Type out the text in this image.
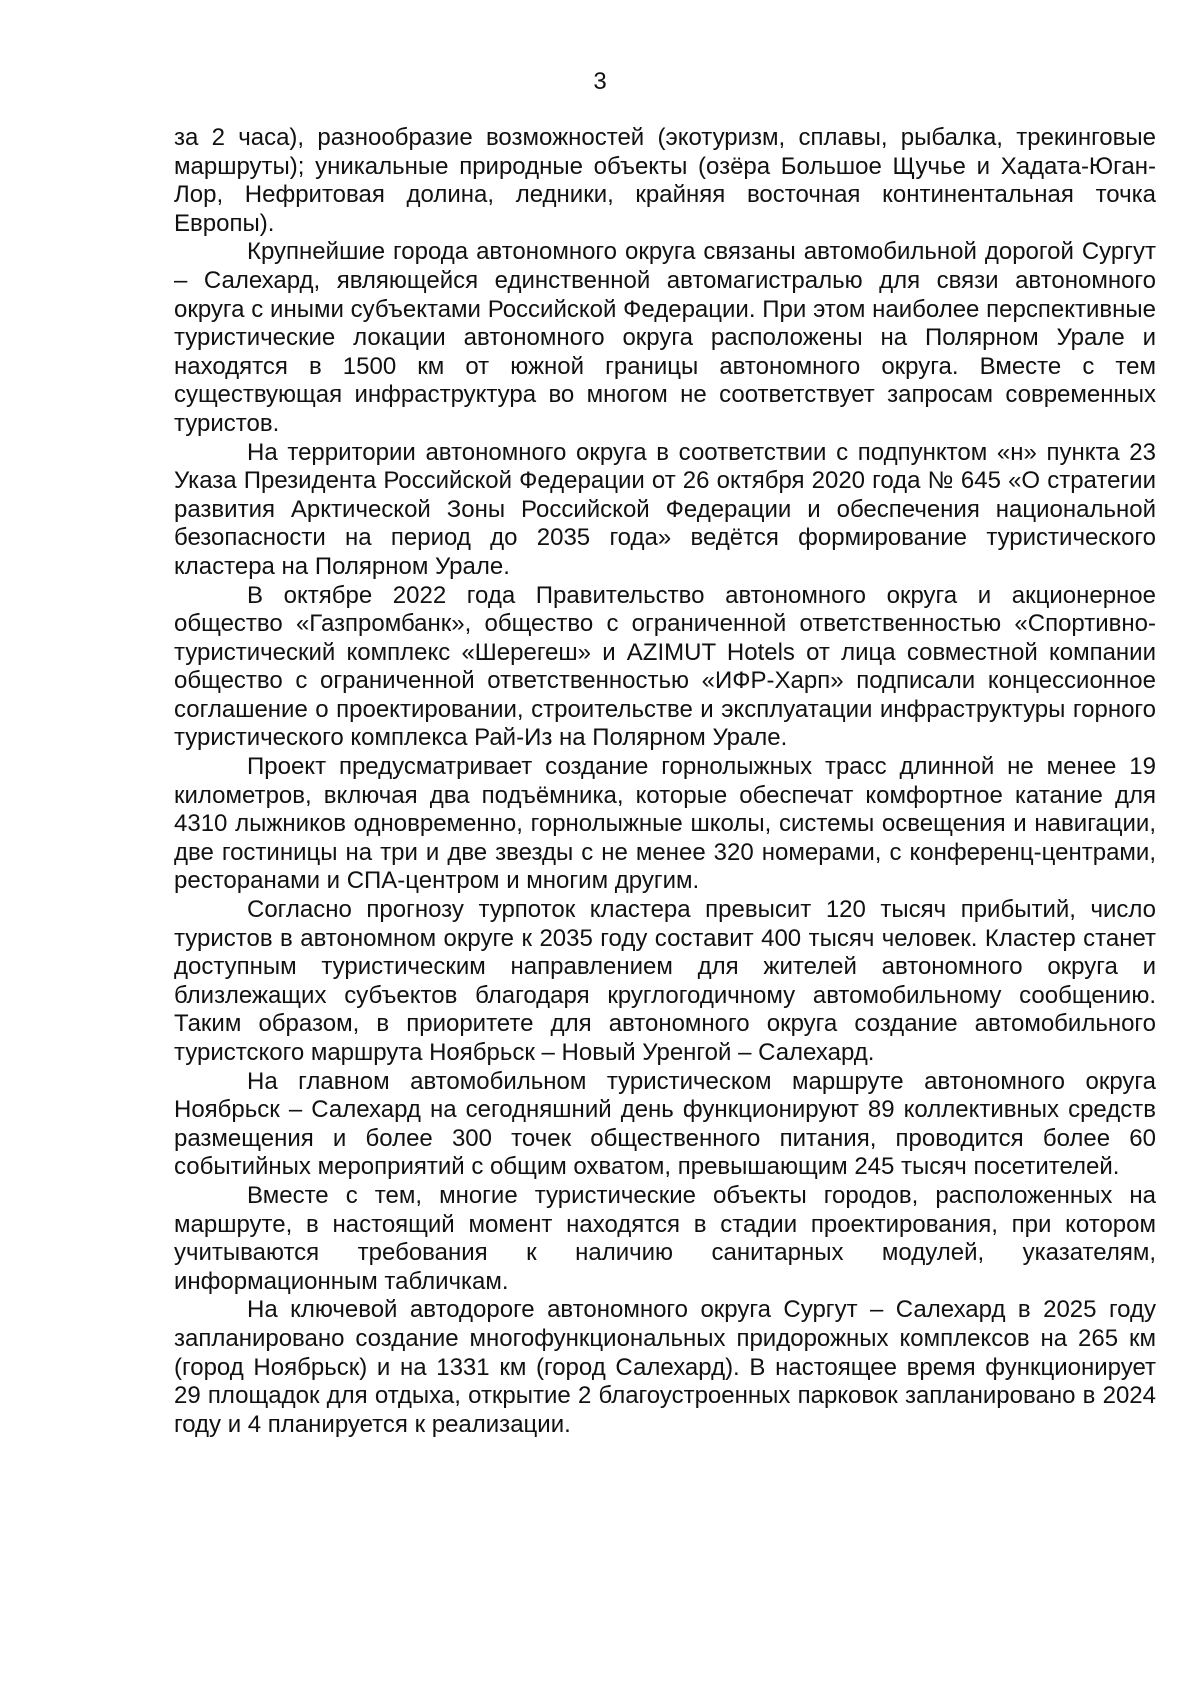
3

за 2 часа), разнообразие возможностей (экотуризм, сплавы, рыбалка, трекинговые маршруты); уникальные природные объекты (озёра Большое Щучье и Хадата-Юган-Лор, Нефритовая долина, ледники, крайняя восточная континентальная точка Европы).

Крупнейшие города автономного округа связаны автомобильной дорогой Сургут – Салехард, являющейся единственной автомагистралью для связи автономного округа с иными субъектами Российской Федерации. При этом наиболее перспективные туристические локации автономного округа расположены на Полярном Урале и находятся в 1500 км от южной границы автономного округа. Вместе с тем существующая инфраструктура во многом не соответствует запросам современных туристов.

На территории автономного округа в соответствии с подпунктом «н» пункта 23 Указа Президента Российской Федерации от 26 октября 2020 года № 645 «О стратегии развития Арктической Зоны Российской Федерации и обеспечения национальной безопасности на период до 2035 года» ведётся формирование туристического кластера на Полярном Урале.

В октябре 2022 года Правительство автономного округа и акционерное общество «Газпромбанк», общество с ограниченной ответственностью «Спортивно-туристический комплекс «Шерегеш» и AZIMUT Hotels от лица совместной компании общество с ограниченной ответственностью «ИФР-Харп» подписали концессионное соглашение о проектировании, строительстве и эксплуатации инфраструктуры горного туристического комплекса Рай-Из на Полярном Урале.

Проект предусматривает создание горнолыжных трасс длинной не менее 19 километров, включая два подъёмника, которые обеспечат комфортное катание для 4310 лыжников одновременно, горнолыжные школы, системы освещения и навигации, две гостиницы на три и две звезды с не менее 320 номерами, с конференц-центрами, ресторанами и СПА-центром и многим другим.

Согласно прогнозу турпоток кластера превысит 120 тысяч прибытий, число туристов в автономном округе к 2035 году составит 400 тысяч человек. Кластер станет доступным туристическим направлением для жителей автономного округа и близлежащих субъектов благодаря круглогодичному автомобильному сообщению. Таким образом, в приоритете для автономного округа создание автомобильного туристского маршрута Ноябрьск – Новый Уренгой – Салехард.

На главном автомобильном туристическом маршруте автономного округа Ноябрьск – Салехард на сегодняшний день функционируют 89 коллективных средств размещения и более 300 точек общественного питания, проводится более 60 событийных мероприятий с общим охватом, превышающим 245 тысяч посетителей.

Вместе с тем, многие туристические объекты городов, расположенных на маршруте, в настоящий момент находятся в стадии проектирования, при котором учитываются требования к наличию санитарных модулей, указателям, информационным табличкам.

На ключевой автодороге автономного округа Сургут – Салехард в 2025 году запланировано создание многофункциональных придорожных комплексов на 265 км (город Ноябрьск) и на 1331 км (город Салехард). В настоящее время функционирует 29 площадок для отдыха, открытие 2 благоустроенных парковок запланировано в 2024 году и 4 планируется к реализации.
